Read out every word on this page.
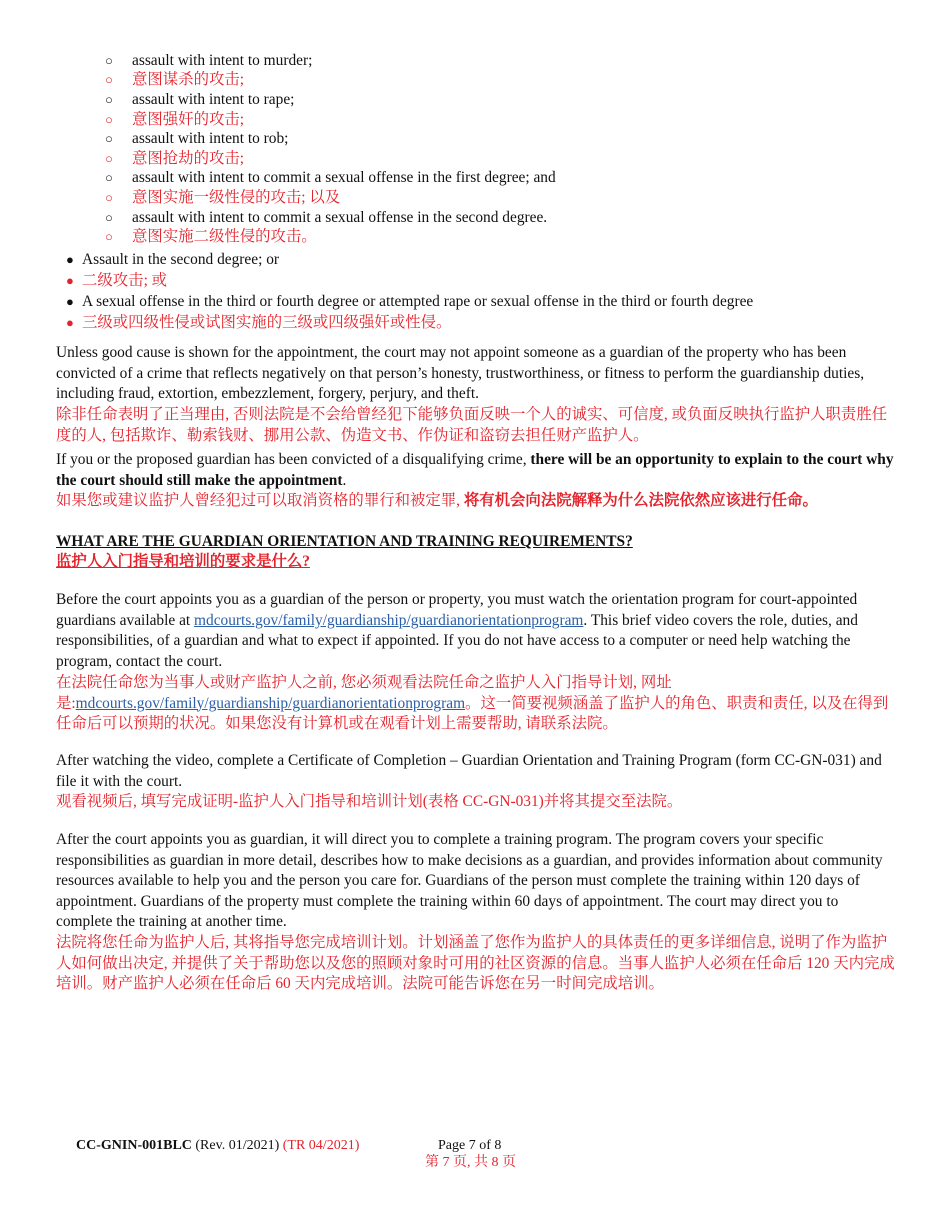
○	assault with intent to murder;
○	意图谋杀的攻击;
○	assault with intent to rape;
○	意图强奸的攻击;
○	assault with intent to rob;
○	意图抢劫的攻击;
○	assault with intent to commit a sexual offense in the first degree; and
○	意图实施一级性侵的攻击; 以及
○	assault with intent to commit a sexual offense in the second degree.
○	意图实施二级性侵的攻击。
● Assault in the second degree; or
● 二级攻击; 或
● A sexual offense in the third or fourth degree or attempted rape or sexual offense in the third or fourth degree
● 三级或四级性侵或试图实施的三级或四级强奸或性侵。

Unless good cause is shown for the appointment, the court may not appoint someone as a guardian of the property who has been convicted of a crime that reflects negatively on that person’s honesty, trustworthiness, or fitness to perform the guardianship duties, including fraud, extortion, embezzlement, forgery, perjury, and theft.

除非任命表明了正当理由, 否则法院是不会给曾经犯下能够负面反映一个人的诚实、可信度, 或负面反映执行监护人职责胜任度的人, 包括欺诈、勒索钱财、挪用公款、伪造文书、作伪证和盗窃去担任财产监护人。

If you or the proposed guardian has been convicted of a disqualifying crime, there will be an opportunity to explain to the court why the court should still make the appointment.

如果您或建议监护人曾经犯过可以取消资格的罪行和被定罪, 将有机会向法院解释为什么法院依然应该进行任命。

WHAT ARE THE GUARDIAN ORIENTATION AND TRAINING REQUIREMENTS?

监护人入门指导和培训的要求是什么?

Before the court appoints you as a guardian of the person or property, you must watch the orientation program for court-appointed guardians available at mdcourts.gov/family/guardianship/guardianorientationprogram. This brief video covers the role, duties, and responsibilities, of a guardian and what to expect if appointed. If you do not have access to a computer or need help watching the program, contact the court.

在法院任命您为当事人或财产监护人之前, 您必须观看法院任命之监护人入门指导计划, 网址是:mdcourts.gov/family/guardianship/guardianorientationprogram。这一简要视频涵盖了监护人的角色、职责和责任, 以及在得到任命后可以预期的状况。如果您没有计算机或在观看计划上需要帮助, 请联系法院。

After watching the video, complete a Certificate of Completion – Guardian Orientation and Training Program (form CC-GN-031) and file it with the court.

观看视频后, 填写完成证明-监护人入门指导和培训计划(表格 CC-GN-031)并将其提交至法院。

After the court appoints you as guardian, it will direct you to complete a training program. The program covers your specific responsibilities as guardian in more detail, describes how to make decisions as a guardian, and provides information about community resources available to help you and the person you care for. Guardians of the person must complete the training within 120 days of appointment. Guardians of the property must complete the training within 60 days of appointment. The court may direct you to complete the training at another time.

法院将您任命为监护人后, 其将指导您完成培训计划。计划涵盖了您作为监护人的具体责任的更多详细信息, 说明了作为监护人如何做出决定, 并提供了关于帮助您以及您的照顾对象时可用的社区资源的信息。当事人监护人必须在任命后 120 天内完成培训。财产监护人必须在任命后 60 天内完成培训。法院可能告诉您在另一时间完成培训。

CC-GNIN-001BLC (Rev. 01/2021) (TR 04/2021)	Page 7 of 8
第 7 页, 共 8 页
